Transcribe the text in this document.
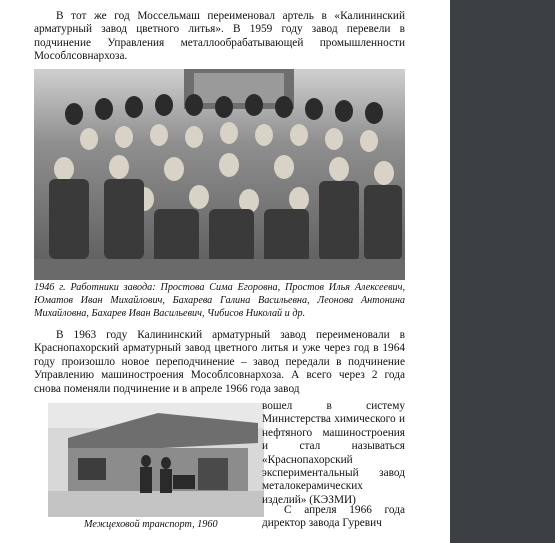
В тот же год Моссельмаш переименовал артель в «Калининский арматурный завод цветного литья». В 1959 году завод перевели в подчинение Управления металлообрабатывающей промышленности Мособлсовнархоза.
1946 г. Работники завода: Простова Сима Егоровна, Простов Илья Алексеевич, Юматов Иван Михайлович, Бахарева Галина Васильевна, Леонова Антонина Михайловна, Бахарев Иван Васильевич, Чибисов Николай и др.
В 1963 году Калининский арматурный завод переименовали в Краснопахорский арматурный завод цветного литья и уже через год в 1964 году произошло новое переподчинение – завод передали в подчинение Управлению машиностроения Мособлсовнархоза. А всего через 2 года снова поменяли подчинение и в апреле 1966 года завод
Межцеховой транспорт, 1960
вошел в систему Министерства химического и нефтяного машиностроения и стал называться «Краснопахорский экспериментальный завод металокерамических изделий» (КЭЗМИ)
С апреля 1966 года директор завода Гуревич
